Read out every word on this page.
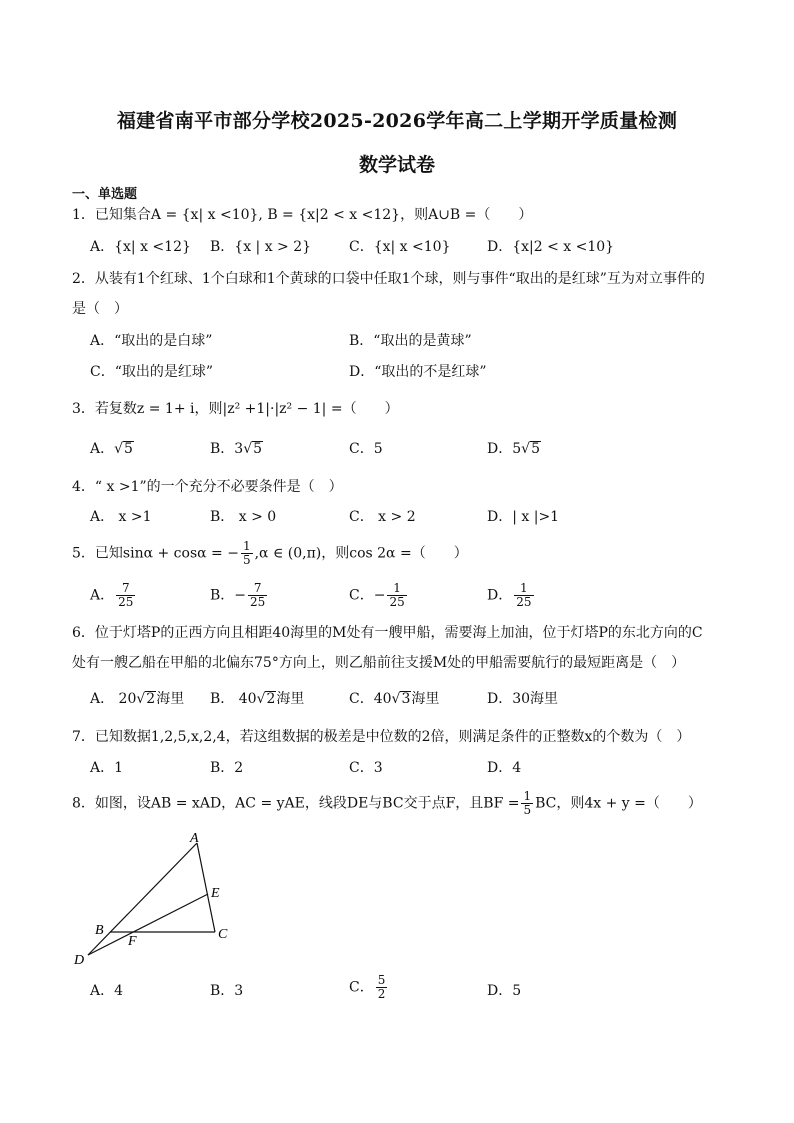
福建省南平市部分学校2025-2026学年高二上学期开学质量检测
数学试卷
一、单选题
1．已知集合A = {x| x <10}, B = {x|2 < x <12}，则A∪B =（　　）
A．{x| x <12} B．{x | x > 2}	C．{x| x <10}	D．{x|2 < x <10}
2．从装有1个红球、1个白球和1个黄球的口袋中任取1个球，则与事件“取出的是红球”互为对立事件的
是（　）
A．“取出的是白球”	B．“取出的是黄球”
C．“取出的是红球”	D．“取出的不是红球”
3．若复数z = 1+ i，则|z² +1|·|z² − 1| =（　　）
A．√5	B．3√5	C．5	D．5√5
4．“ x >1”的一个充分不必要条件是（　）
A． x >1	B． x > 0	C． x > 2	D．| x |>1
5．已知sinα + cosα = − $\frac{1}{5} ,\alpha$ ∈ (0,π)，则cos 2α =（　　）
A． $\frac{7}{25}$	B．− $\frac{7}{25}$	C．− $\frac{1}{25}$	D． $\frac{1}{25}$
6．位于灯塔P的正西方向且相距40海里的M处有一艘甲船，需要海上加油，位于灯塔P的东北方向的C
处有一艘乙船在甲船的北偏东75°方向上，则乙船前往支援M处的甲船需要航行的最短距离是（　）
A． 20√2海里 B． 40√2海里	C．40√3海里	D．30海里
7．已知数据1,2,5,x,2,4，若这组数据的极差是中位数的2倍，则满足条件的正整数x的个数为（　）
A．1	B．2	C．3	D．4
8．如图，设AB = xAD，AC = yAE，线段DE与BC交于点F，且BF = $\frac{1}{5}$ BC，则4x + y =（　　）
A
B	C
D
E
F
A．4	B．3	C． $\frac{5}{2}$	D．5
